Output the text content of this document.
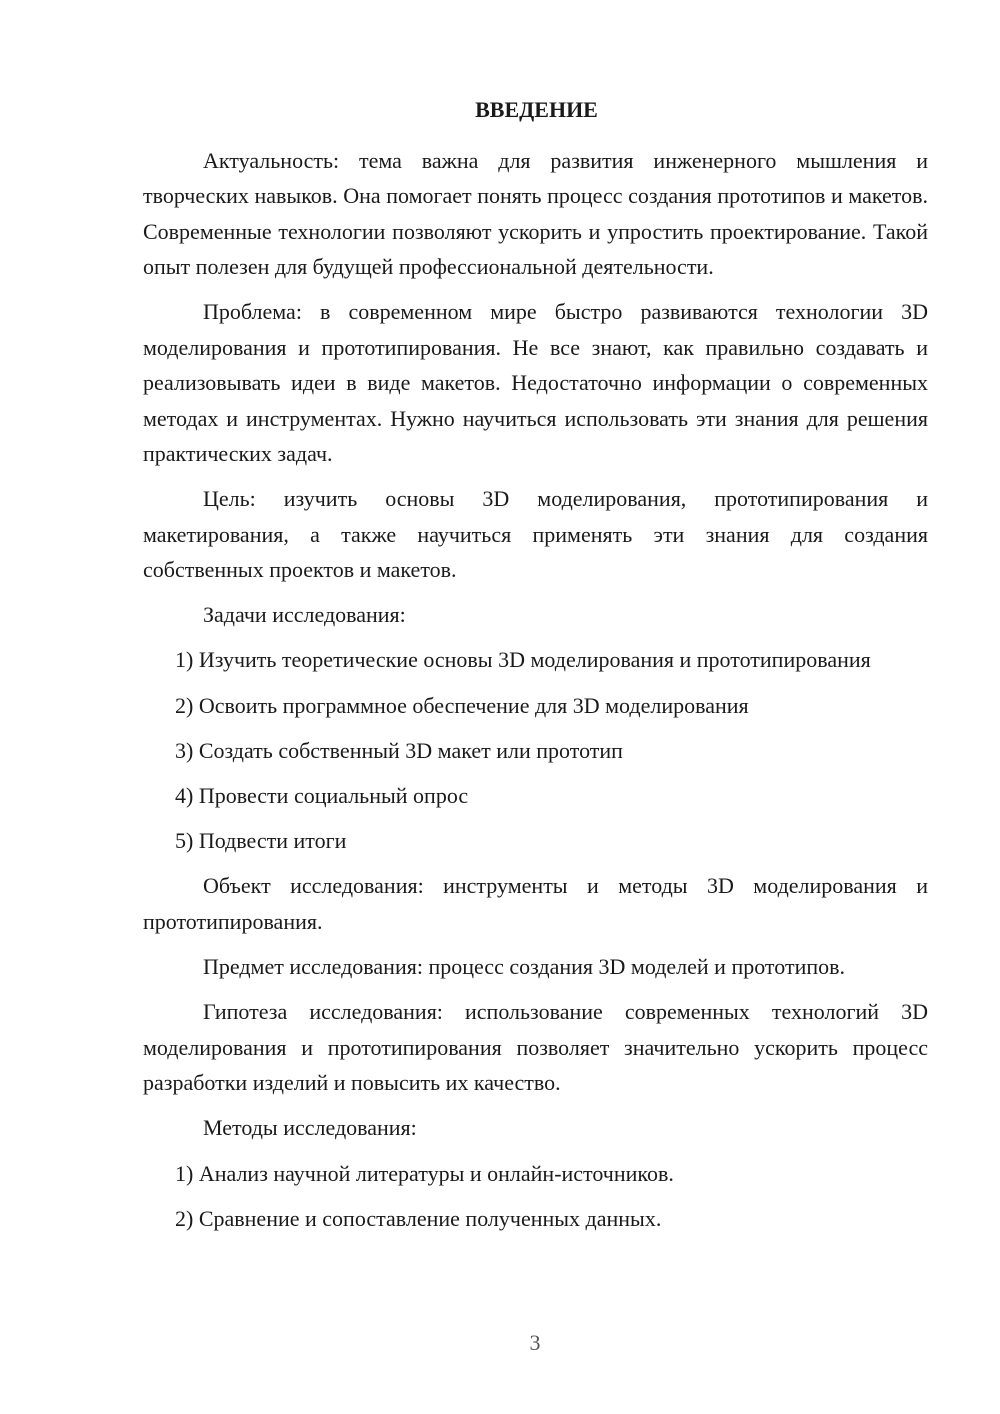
ВВЕДЕНИЕ

Актуальность: тема важна для развития инженерного мышления и творческих навыков. Она помогает понять процесс создания прототипов и макетов. Современные технологии позволяют ускорить и упростить проектирование. Такой опыт полезен для будущей профессиональной деятельности.

Проблема: в современном мире быстро развиваются технологии 3D моделирования и прототипирования. Не все знают, как правильно создавать и реализовывать идеи в виде макетов. Недостаточно информации о современных методах и инструментах. Нужно научиться использовать эти знания для решения практических задач.

Цель: изучить основы 3D моделирования, прототипирования и макетирования, а также научиться применять эти знания для создания собственных проектов и макетов.

Задачи исследования:

1) Изучить теоретические основы 3D моделирования и прототипирования

2) Освоить программное обеспечение для 3D моделирования

3) Создать собственный 3D макет или прототип

4) Провести социальный опрос

5) Подвести итоги

Объект исследования: инструменты и методы 3D моделирования и прототипирования.

Предмет исследования: процесс создания 3D моделей и прототипов.

Гипотеза исследования: использование современных технологий 3D моделирования и прототипирования позволяет значительно ускорить процесс разработки изделий и повысить их качество.

Методы исследования:

1) Анализ научной литературы и онлайн-источников.

2) Сравнение и сопоставление полученных данных.

3
